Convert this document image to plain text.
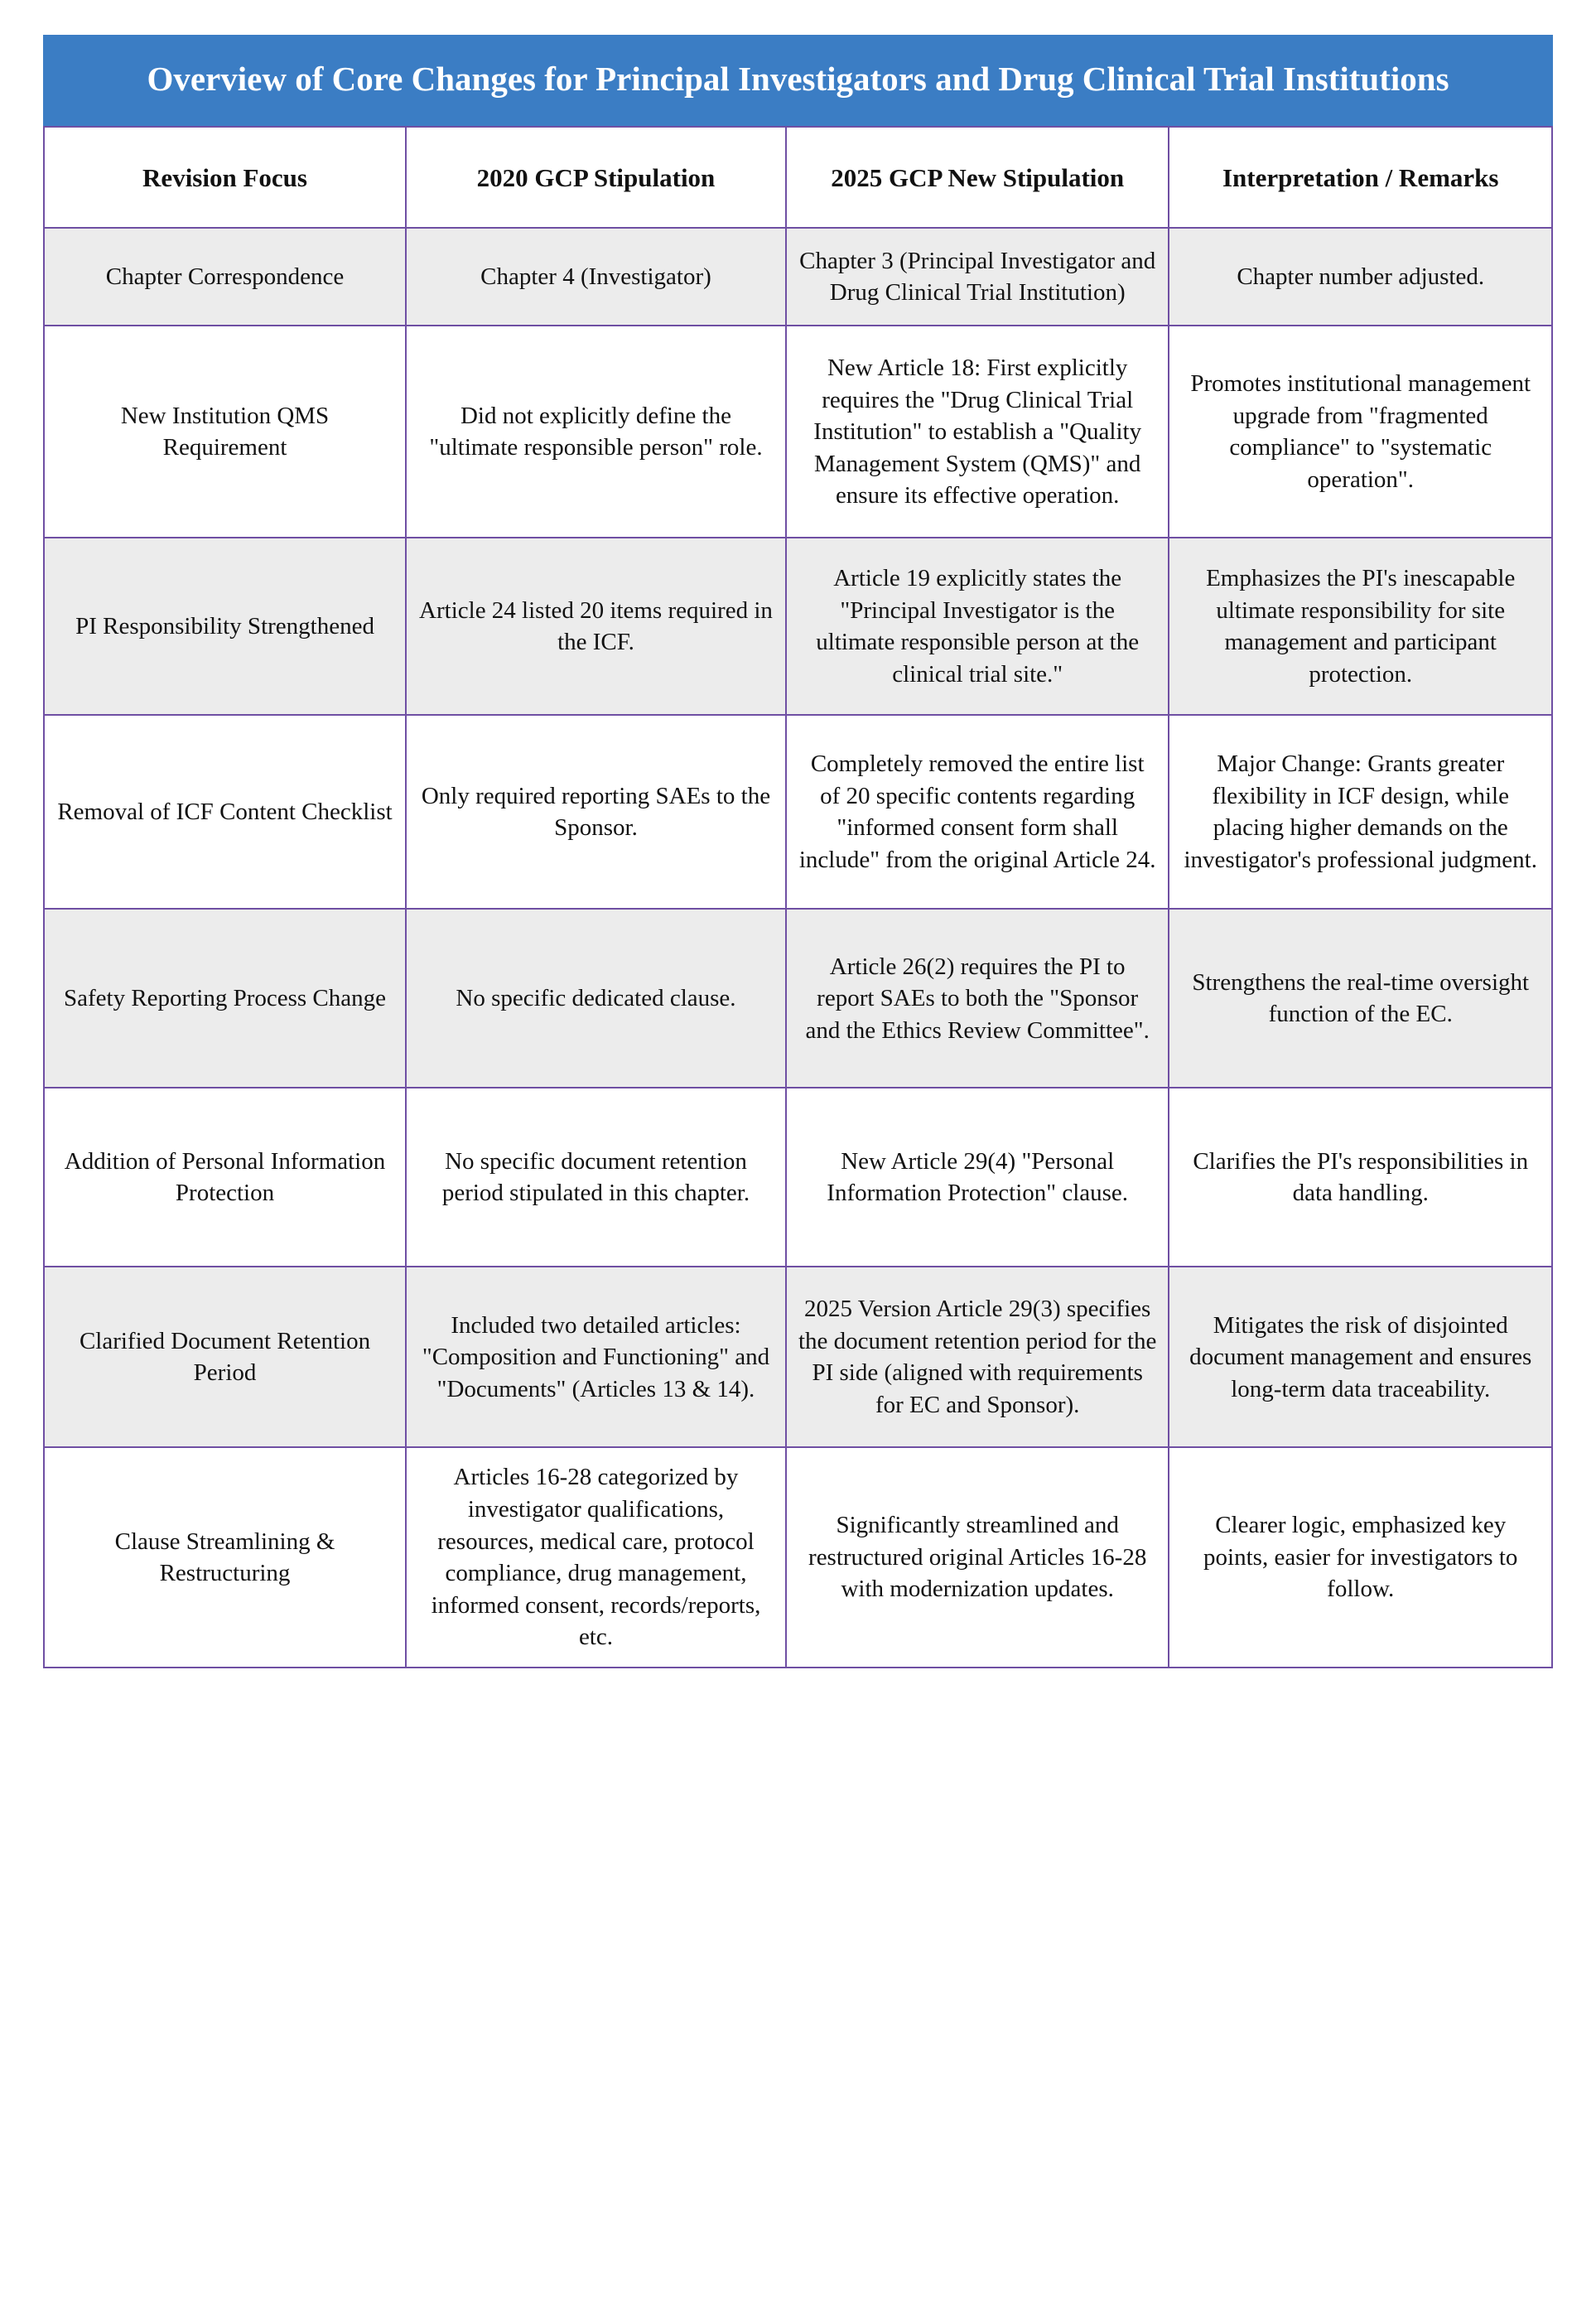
Overview of Core Changes for Principal Investigators and Drug Clinical Trial Institutions
Revision Focus	2020 GCP Stipulation	2025 GCP New Stipulation	Interpretation / Remarks
Chapter Correspondence	Chapter 4 (Investigator)	Chapter 3 (Principal Investigator and Drug Clinical Trial Institution)	Chapter number adjusted.
New Institution QMS Requirement	Did not explicitly define the "ultimate responsible person" role.	New Article 18: First explicitly requires the "Drug Clinical Trial Institution" to establish a "Quality Management System (QMS)" and ensure its effective operation.	Promotes institutional management upgrade from "fragmented compliance" to "systematic operation".
PI Responsibility Strengthened	Article 24 listed 20 items required in the ICF.	Article 19 explicitly states the "Principal Investigator is the ultimate responsible person at the clinical trial site."	Emphasizes the PI's inescapable ultimate responsibility for site management and participant protection.
Removal of ICF Content Checklist	Only required reporting SAEs to the Sponsor.	Completely removed the entire list of 20 specific contents regarding "informed consent form shall include" from the original Article 24.	Major Change: Grants greater flexibility in ICF design, while placing higher demands on the investigator's professional judgment.
Safety Reporting Process Change	No specific dedicated clause.	Article 26(2) requires the PI to report SAEs to both the "Sponsor and the Ethics Review Committee".	Strengthens the real-time oversight function of the EC.
Addition of Personal Information Protection	No specific document retention period stipulated in this chapter.	New Article 29(4) "Personal Information Protection" clause.	Clarifies the PI's responsibilities in data handling.
Clarified Document Retention Period	Included two detailed articles: "Composition and Functioning" and "Documents" (Articles 13 & 14).	2025 Version Article 29(3) specifies the document retention period for the PI side (aligned with requirements for EC and Sponsor).	Mitigates the risk of disjointed document management and ensures long-term data traceability.
Clause Streamlining & Restructuring	Articles 16-28 categorized by investigator qualifications, resources, medical care, protocol compliance, drug management, informed consent, records/reports, etc.	Significantly streamlined and restructured original Articles 16-28 with modernization updates.	Clearer logic, emphasized key points, easier for investigators to follow.
